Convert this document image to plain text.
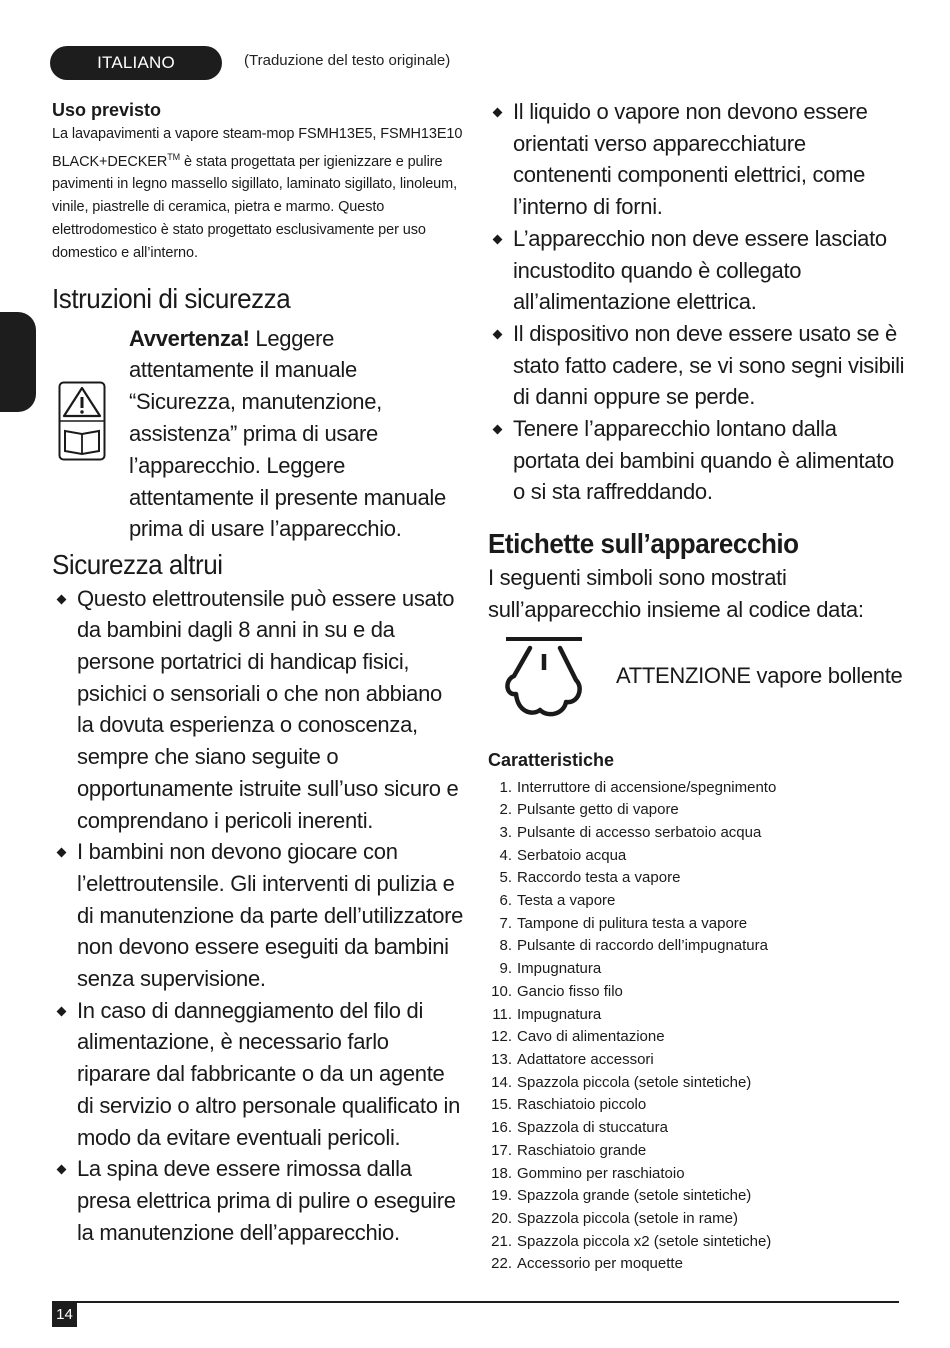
ITALIANO	(Traduzione del testo originale)
Uso previsto

La lavapavimenti a vapore steam-mop FSMH13E5, FSMH13E10 BLACK+DECKER™ è stata progettata per igienizzare e pulire pavimenti in legno massello sigillato, laminato sigillato, linoleum, vinile, piastrelle di ceramica, pietra e marmo. Questo elettrodomestico è stato progettato esclusivamente per uso domestico e all’interno.

Istruzioni di sicurezza
Avvertenza! Leggere attentamente il manuale “Sicurezza, manutenzione, assistenza” prima di usare l’apparecchio. Leggere attentamente il presente manuale prima di usare l’apparecchio.
Sicurezza altrui
Questo elettroutensile può essere usato da bambini dagli 8 anni in su e da persone portatrici di handicap fisici, psichici o sensoriali o che non abbiano la dovuta esperienza o conoscenza, sempre che siano seguite o opportunamente istruite sull’uso sicuro e comprendano i pericoli inerenti.
I bambini non devono giocare con l’elettroutensile. Gli interventi di pulizia e di manutenzione da parte dell’utilizzatore non devono essere eseguiti da bambini senza supervisione.
In caso di danneggiamento del filo di alimentazione, è necessario farlo riparare dal fabbricante o da un agente di servizio o altro personale qualificato in modo da evitare eventuali pericoli.
La spina deve essere rimossa dalla presa elettrica prima di pulire o eseguire la manutenzione dell’apparecchio.
Il liquido o vapore non devono essere orientati verso apparecchiature contenenti componenti elettrici, come l’interno di forni.
L’apparecchio non deve essere lasciato incustodito quando è collegato all’alimentazione elettrica.
Il dispositivo non deve essere usato se è stato fatto cadere, se vi sono segni visibili di danni oppure se perde.
Tenere l’apparecchio lontano dalla portata dei bambini quando è alimentato o si sta raffreddando.
Etichette sull’apparecchio

I seguenti simboli sono mostrati sull’apparecchio insieme al codice data:

ATTENZIONE vapore bollente
Caratteristiche
1. Interruttore di accensione/spegnimento
2. Pulsante getto di vapore
3. Pulsante di accesso serbatoio acqua
4. Serbatoio acqua
5. Raccordo testa a vapore
6. Testa a vapore
7. Tampone di pulitura testa a vapore
8. Pulsante di raccordo dell’impugnatura
9. Impugnatura
10. Gancio fisso filo
11. Impugnatura
12. Cavo di alimentazione
13. Adattatore accessori
14. Spazzola piccola (setole sintetiche)
15. Raschiatoio piccolo
16. Spazzola di stuccatura
17. Raschiatoio grande
18. Gommino per raschiatoio
19. Spazzola grande (setole sintetiche)
20. Spazzola piccola (setole in rame)
21. Spazzola piccola x2 (setole sintetiche)
22. Accessorio per moquette
14
